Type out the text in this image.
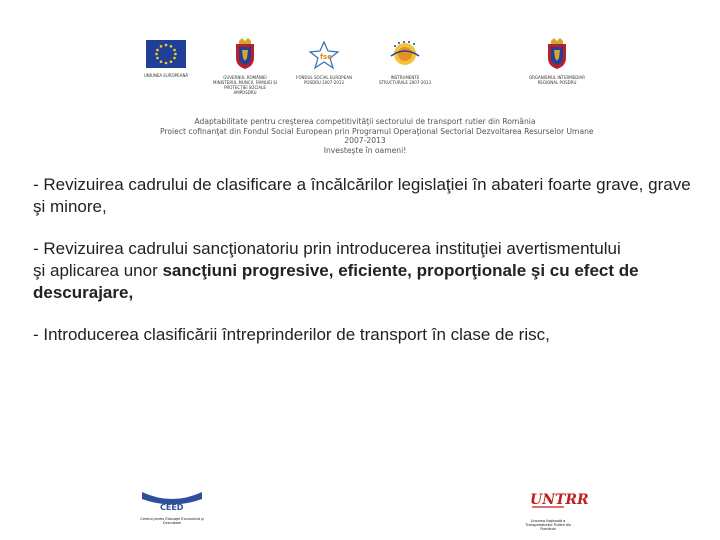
UNIUNEA EUROPEANĂ	GUVERNUL ROMÂNIEI MINISTERUL MUNCII, FAMILIEI ȘI PROTECȚIEI SOCIALE AMPOSDRU
fse
FONDUL SOCIAL EUROPEAN POSDRU 2007-2013
INSTRUMENTE STRUCTURALE 2007-2013
ORGANISMUL INTERMEDIAR REGIONAL POSDRU
Adaptabilitate pentru creşterea competitivităţii sectorului de transport rutier din România
Proiect cofinanţat din Fondul Social European prin Programul Operaţional Sectorial Dezvoltarea Resurselor Umane
2007-2013
Investeşte în oameni!

- Revizuirea cadrului de clasificare a încălcărilor legislaţiei în abateri foarte grave, grave şi minore,

- Revizuirea cadrului sancţionatoriu prin introducerea instituţiei avertismentului
şi aplicarea unor sancţiuni progresive, eficiente, proporţionale şi cu efect de
descurajare,

- Introducerea clasificării întreprinderilor de transport în clase de risc,

CEED
Centrul pentru Educaţie Economică şi Dezvoltare
UNTRR
Uniunea Naţională a Transportatorilor Rutieri din România
